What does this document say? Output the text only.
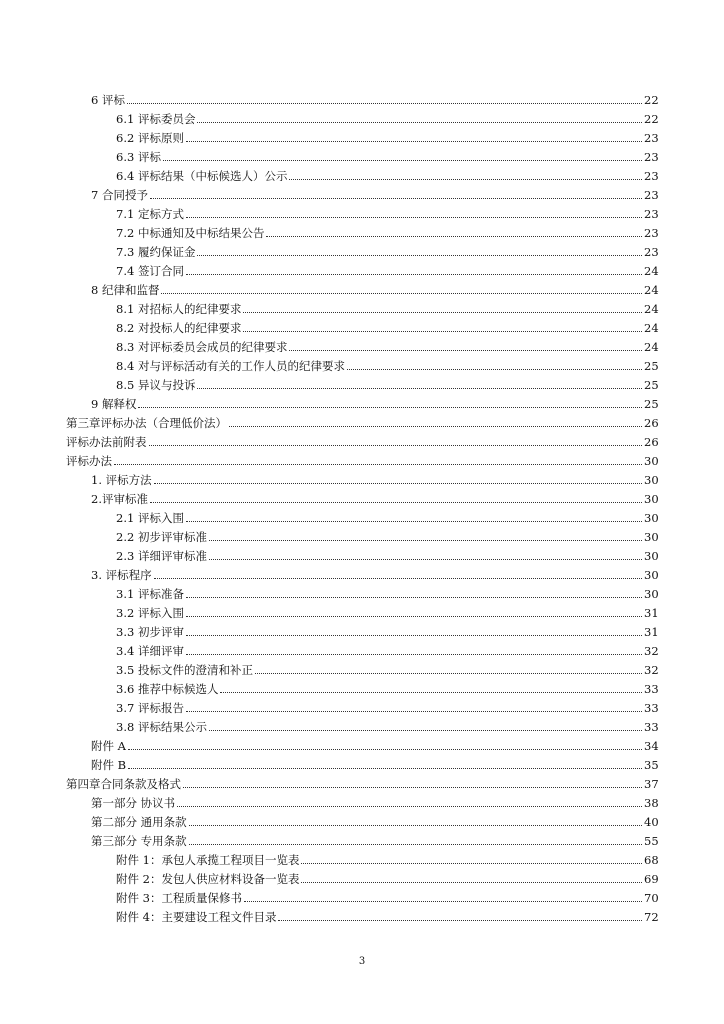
6 评标	22
6.1 评标委员会	22
6.2 评标原则	23
6.3 评标	23
6.4 评标结果（中标候选人）公示	23
7 合同授予	23
7.1 定标方式	23
7.2 中标通知及中标结果公告	23
7.3 履约保证金	23
7.4 签订合同	24
8 纪律和监督	24
8.1 对招标人的纪律要求	24
8.2 对投标人的纪律要求	24
8.3 对评标委员会成员的纪律要求	24
8.4 对与评标活动有关的工作人员的纪律要求	25
8.5 异议与投诉	25
9 解释权	25
第三章评标办法（合理低价法）	26
评标办法前附表	26
评标办法	30
1. 评标方法	30
2.评审标准	30
2.1 评标入围	30
2.2 初步评审标准	30
2.3 详细评审标准	30
3. 评标程序	30
3.1 评标准备	30
3.2 评标入围	31
3.3 初步评审	31
3.4 详细评审	32
3.5 投标文件的澄清和补正	32
3.6 推荐中标候选人	33
3.7 评标报告	33
3.8 评标结果公示	33
附件 A	34
附件 B	35
第四章合同条款及格式	37
第一部分 协议书	38
第二部分 通用条款	40
第三部分 专用条款	55
附件 1：承包人承揽工程项目一览表	68
附件 2：发包人供应材料设备一览表	69
附件 3：工程质量保修书	70
附件 4：主要建设工程文件目录	72
3
